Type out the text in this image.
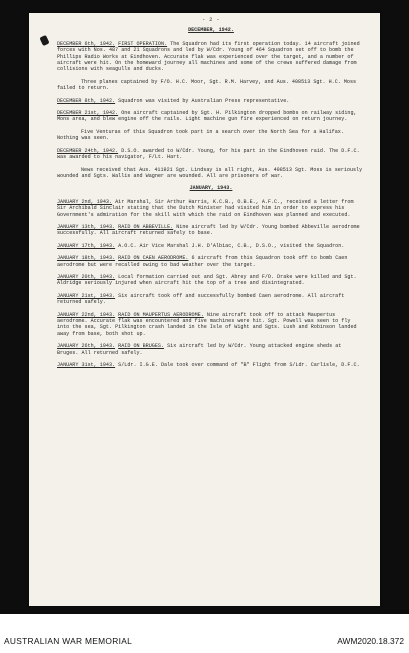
- 2 -
DECEMBER, 1942.
DECEMBER 6th, 1942. FIRST OPERATION. The Squadron had its first operation today. 14 aircraft joined forces with Nos. 487 and 21 Squadrons and led by W/Cdr. Young of 464 Squadron set off to bomb the Phillips Radio Works at Eindhoven. Accurate flak was experienced over the target, and a number of aircraft were hit. On the homeward journey all machines and some of the crews suffered damage from collisions with seagulls and ducks.
Three planes captained by F/O. H.C. Moor, Sgt. R.M. Harvey, and Aus. 408513 Sgt. H.C. Moss failed to return.
DECEMBER 8th, 1942. Squadron was visited by Australian Press representative.
DECEMBER 21st, 1942. One aircraft captained by Sgt. H. Pilkington dropped bombs on railway siding, Mons area, and blew engine off the rails. Light machine gun fire experienced on return journey.
Five Venturas of this Squadron took part in a search over the North Sea for a Halifax. Nothing was seen.
DECEMBER 24th, 1942. D.S.O. awarded to W/Cdr. Young, for his part in the Eindhoven raid. The D.F.C. was awarded to his navigator, F/Lt. Hart.
News received that Aus. 411921 Sgt. Lindsay is all right, Aus. 408513 Sgt. Moss is seriously wounded and Sgts. Wallis and Wagner are wounded. All are prisoners of war.
JANUARY, 1943.
JANUARY 2nd, 1943. Air Marshal, Sir Arthur Harris, K.C.B., O.B.E., A.F.C., received a letter from Sir Archibald Sinclair stating that the Dutch Minister had visited him in order to express his Government's admiration for the skill with which the raid on Eindhoven was planned and executed.
JANUARY 13th, 1943. RAID ON ABBEVILLE. Nine aircraft led by W/Cdr. Young bombed Abbeville aerodrome successfully. All aircraft returned safely to base.
JANUARY 17th, 1943. A.O.C. Air Vice Marshal J.H. D'Albiac, C.B., D.S.O., visited the Squadron.
JANUARY 18th, 1943. RAID ON CAEN AERODROME. 6 aircraft from this Squadron took off to bomb Caen aerodrome but were recalled owing to bad weather over the target.
JANUARY 20th, 1943. Local formation carried out and Sgt. Abrey and F/O. Drake were killed and Sgt. Aldridge seriously injured when aircraft hit the top of a tree and disintegrated.
JANUARY 21st, 1943. Six aircraft took off and successfully bombed Caen aerodrome. All aircraft returned safely.
JANUARY 22nd, 1943. RAID ON MAUPERTUS AERODROME. Nine aircraft took off to attack Maupertus aerodrome. Accurate flak was encountered and five machines were hit. Sgt. Powell was seen to fly into the sea, Sgt. Pilkington crash landed in the Isle of Wight and Sgts. Lush and Robinson landed away from base, both shot up.
JANUARY 26th, 1943. RAID ON BRUGES. Six aircraft led by W/Cdr. Young attacked engine sheds at Bruges. All returned safely.
JANUARY 31st, 1943. S/Ldr. I.G.E. Dale took over command of "B" Flight from S/Ldr. Carlisle, D.F.C.
AUSTRALIAN WAR MEMORIAL	AWM2020.18.372
